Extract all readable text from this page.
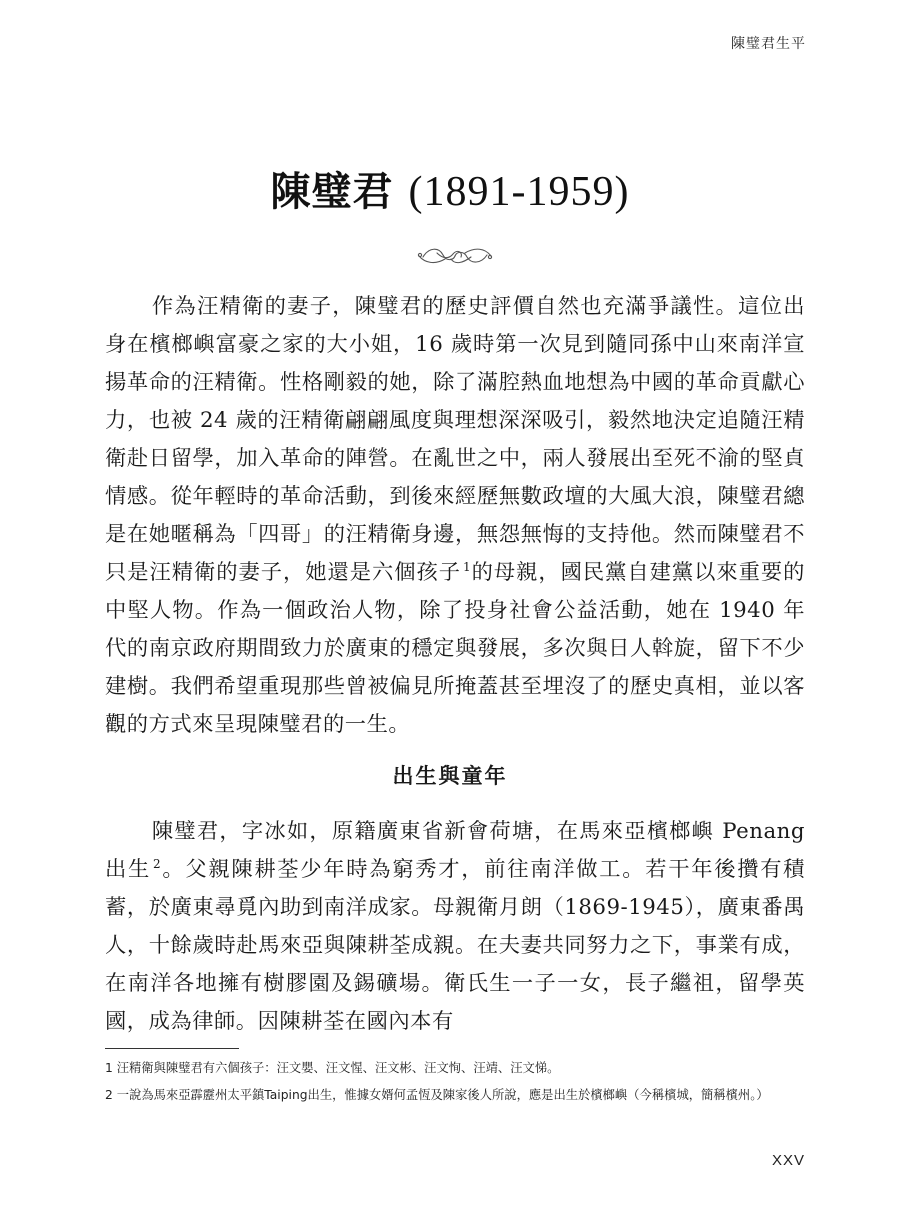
陳璧君生平
陳璧君 (1891-1959)

作為汪精衛的妻子，陳璧君的歷史評價自然也充滿爭議性。這位出身在檳榔嶼富豪之家的大小姐，16 歲時第一次見到隨同孫中山來南洋宣揚革命的汪精衛。性格剛毅的她，除了滿腔熱血地想為中國的革命貢獻心力，也被 24 歲的汪精衛翩翩風度與理想深深吸引，毅然地決定追隨汪精衛赴日留學，加入革命的陣營。在亂世之中，兩人發展出至死不渝的堅貞情感。從年輕時的革命活動，到後來經歷無數政壇的大風大浪，陳璧君總是在她暱稱為「四哥」的汪精衛身邊，無怨無悔的支持他。然而陳璧君不只是汪精衛的妻子，她還是六個孩子 $^1$的母親，國民黨自建黨以來重要的中堅人物。作為一個政治人物，除了投身社會公益活動，她在 1940 年代的南京政府期間致力於廣東的穩定與發展，多次與日人斡旋，留下不少建樹。我們希望重現那些曾被偏見所掩蓋甚至埋沒了的歷史真相，並以客觀的方式來呈現陳璧君的一生。

出生與童年

陳璧君，字冰如，原籍廣東省新會荷塘，在馬來亞檳榔嶼 Penang 出生 $^2$。父親陳耕荃少年時為窮秀才，前往南洋做工。若干年後攢有積蓄，於廣東尋覓內助到南洋成家。母親衛月朗（1869-1945），廣東番禺人，十餘歲時赴馬來亞與陳耕荃成親。在夫妻共同努力之下，事業有成，在南洋各地擁有樹膠園及錫礦場。衛氏生一子一女，長子繼祖，留學英國，成為律師。因陳耕荃在國內本有

1 汪精衛與陳璧君有六個孩子：汪文嬰、汪文惺、汪文彬、汪文恂、汪靖、汪文悌。

2 一說為馬來亞霹靂州太平鎮Taiping出生，惟據女婿何孟恆及陳家後人所說，應是出生於檳榔嶼（今稱檳城，簡稱檳州。）

XXV
